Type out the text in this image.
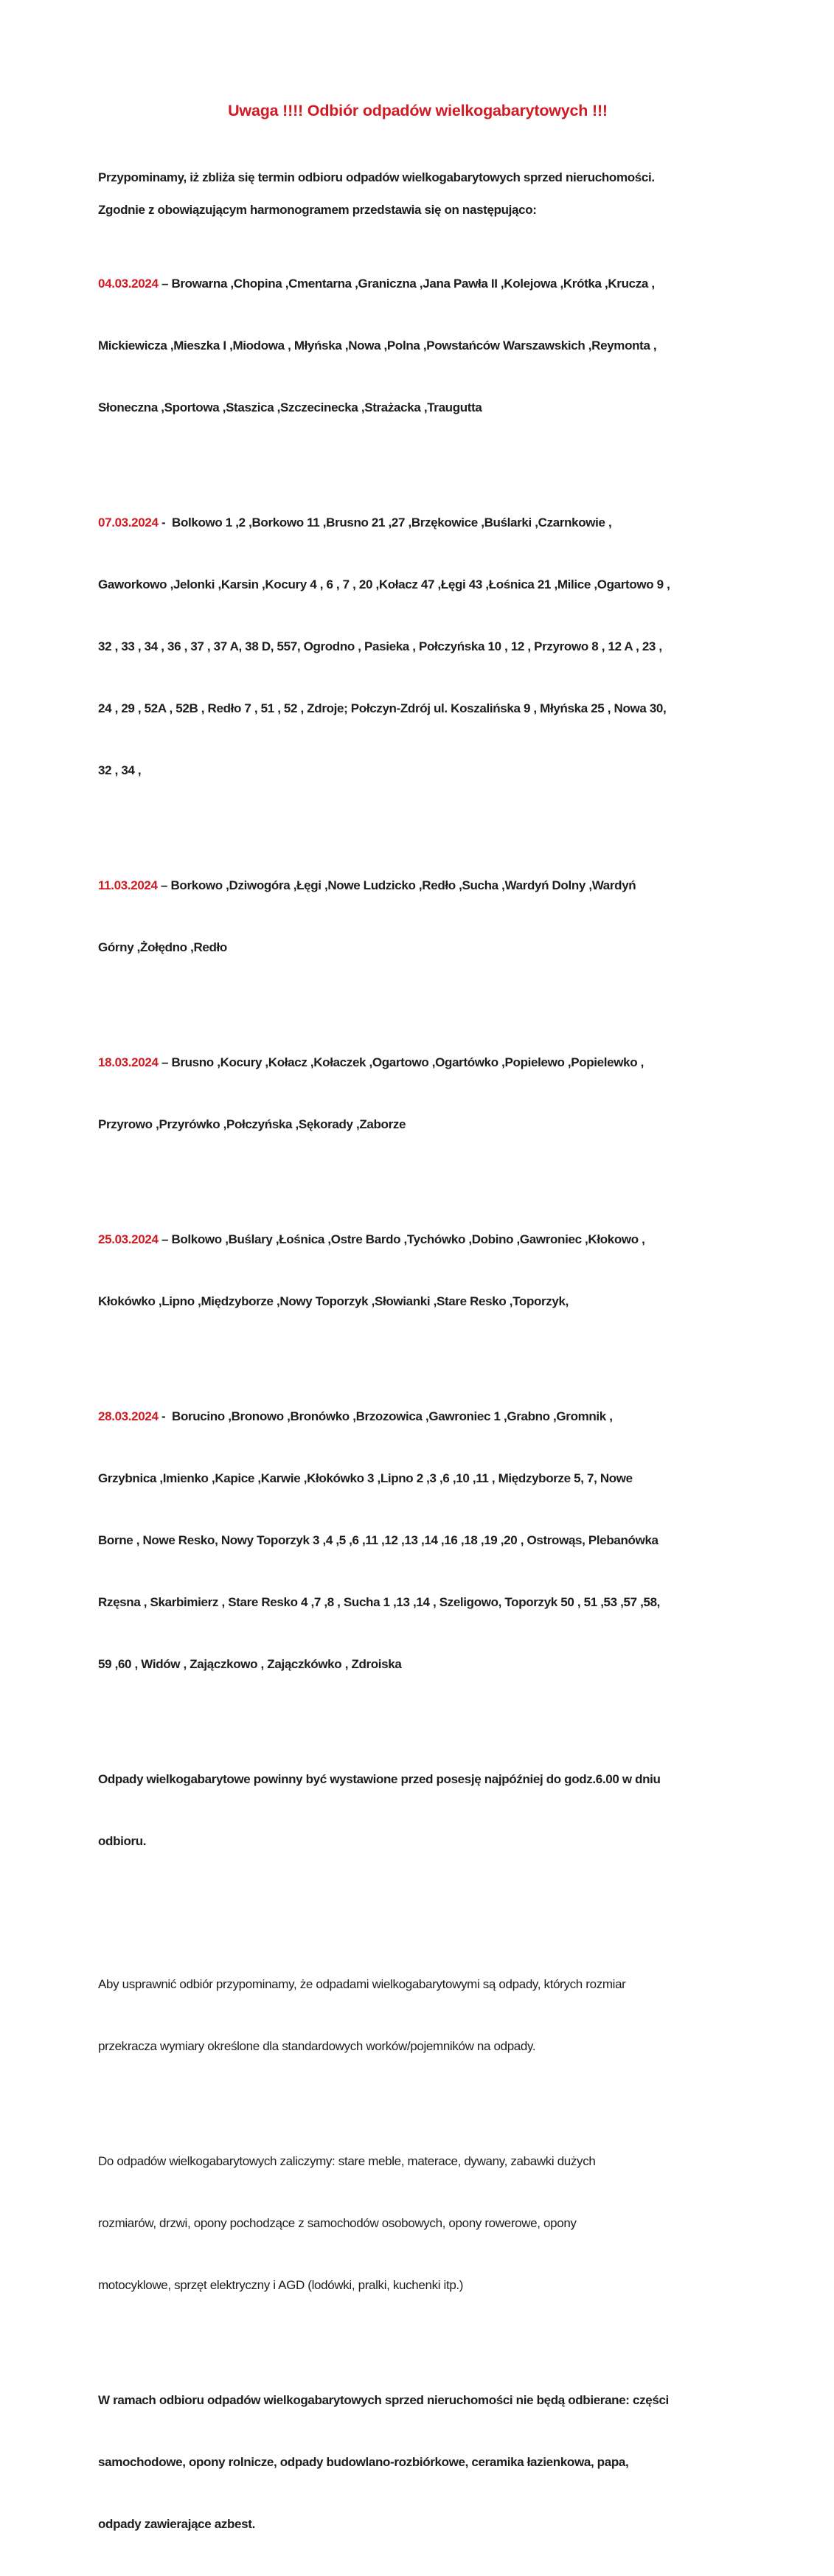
Uwaga !!!! Odbiór odpadów wielkogabarytowych !!!

Przypominamy, iż zbliża się termin odbioru odpadów wielkogabarytowych sprzed nieruchomości.

Zgodnie z obowiązującym harmonogramem przedstawia się on następująco:

04.03.2024 – Browarna ,Chopina ,Cmentarna ,Graniczna ,Jana Pawła II ,Kolejowa ,Krótka ,Krucza ,

Mickiewicza ,Mieszka I ,Miodowa , Młyńska ,Nowa ,Polna ,Powstańców Warszawskich ,Reymonta ,

Słoneczna ,Sportowa ,Staszica ,Szczecinecka ,Strażacka ,Traugutta

07.03.2024 -  Bolkowo 1 ,2 ,Borkowo 11 ,Brusno 21 ,27 ,Brzękowice ,Buślarki ,Czarnkowie ,

Gaworkowo ,Jelonki ,Karsin ,Kocury 4 , 6 , 7 , 20 ,Kołacz 47 ,Łęgi 43 ,Łośnica 21 ,Milice ,Ogartowo 9 ,

32 , 33 , 34 , 36 , 37 , 37 A, 38 D, 557, Ogrodno , Pasieka , Połczyńska 10 , 12 , Przyrowo 8 , 12 A , 23 ,

24 , 29 , 52A , 52B , Redło 7 , 51 , 52 , Zdroje; Połczyn-Zdrój ul. Koszalińska 9 , Młyńska 25 , Nowa 30,

32 , 34 ,

11.03.2024 – Borkowo ,Dziwogóra ,Łęgi ,Nowe Ludzicko ,Redło ,Sucha ,Wardyń Dolny ,Wardyń

Górny ,Żołędno ,Redło

18.03.2024 – Brusno ,Kocury ,Kołacz ,Kołaczek ,Ogartowo ,Ogartówko ,Popielewo ,Popielewko ,

Przyrowo ,Przyrówko ,Połczyńska ,Sękorady ,Zaborze

25.03.2024 – Bolkowo ,Buślary ,Łośnica ,Ostre Bardo ,Tychówko ,Dobino ,Gawroniec ,Kłokowo ,

Kłokówko ,Lipno ,Międzyborze ,Nowy Toporzyk ,Słowianki ,Stare Resko ,Toporzyk,

28.03.2024 -  Borucino ,Bronowo ,Bronówko ,Brzozowica ,Gawroniec 1 ,Grabno ,Gromnik ,

Grzybnica ,Imienko ,Kapice ,Karwie ,Kłokówko 3 ,Lipno 2 ,3 ,6 ,10 ,11 , Międzyborze 5, 7, Nowe

Borne , Nowe Resko, Nowy Toporzyk 3 ,4 ,5 ,6 ,11 ,12 ,13 ,14 ,16 ,18 ,19 ,20 , Ostrowąs, Plebanówka

Rzęsna , Skarbimierz , Stare Resko 4 ,7 ,8 , Sucha 1 ,13 ,14 , Szeligowo, Toporzyk 50 , 51 ,53 ,57 ,58,

59 ,60 , Widów , Zajączkowo , Zajączkówko , Zdroiska

Odpady wielkogabarytowe powinny być wystawione przed posesję najpóźniej do godz.6.00 w dniu

odbioru.

Aby usprawnić odbiór przypominamy, że odpadami wielkogabarytowymi są odpady, których rozmiar

przekracza wymiary określone dla standardowych worków/pojemników na odpady.

Do odpadów wielkogabarytowych zaliczymy: stare meble, materace, dywany, zabawki dużych

rozmiarów, drzwi, opony pochodzące z samochodów osobowych, opony rowerowe, opony

motocyklowe, sprzęt elektryczny i AGD (lodówki, pralki, kuchenki itp.)

W ramach odbioru odpadów wielkogabarytowych sprzed nieruchomości nie będą odbierane: części

samochodowe, opony rolnicze, odpady budowlano-rozbiórkowe, ceramika łazienkowa, papa,

odpady zawierające azbest.
